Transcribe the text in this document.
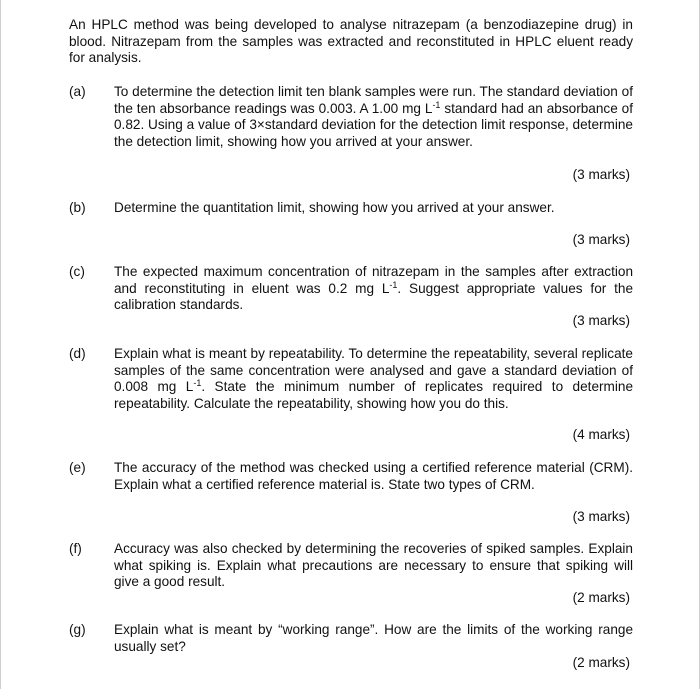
An HPLC method was being developed to analyse nitrazepam (a benzodiazepine drug) in blood. Nitrazepam from the samples was extracted and reconstituted in HPLC eluent ready for analysis.
(a)	To determine the detection limit ten blank samples were run. The standard deviation of the ten absorbance readings was 0.003. A 1.00 mg $L^{-1}$ standard had an absorbance of 0.82. Using a value of 3×standard deviation for the detection limit response, determine the detection limit, showing how you arrived at your answer.
(3 marks)
(b)	Determine the quantitation limit, showing how you arrived at your answer.
(3 marks)
(c)	The expected maximum concentration of nitrazepam in the samples after extraction and reconstituting in eluent was 0.2 mg $L^{-1}$. Suggest appropriate values for the calibration standards.
(3 marks)
(d)	Explain what is meant by repeatability. To determine the repeatability, several replicate samples of the same concentration were analysed and gave a standard deviation of 0.008 mg $L^{-1}$. State the minimum number of replicates required to determine repeatability. Calculate the repeatability, showing how you do this.
(4 marks)
(e)	The accuracy of the method was checked using a certified reference material (CRM). Explain what a certified reference material is. State two types of CRM.
(3 marks)
(f)	Accuracy was also checked by determining the recoveries of spiked samples. Explain what spiking is. Explain what precautions are necessary to ensure that spiking will give a good result.
(2 marks)
(g)	Explain what is meant by “working range”. How are the limits of the working range usually set?
(2 marks)
